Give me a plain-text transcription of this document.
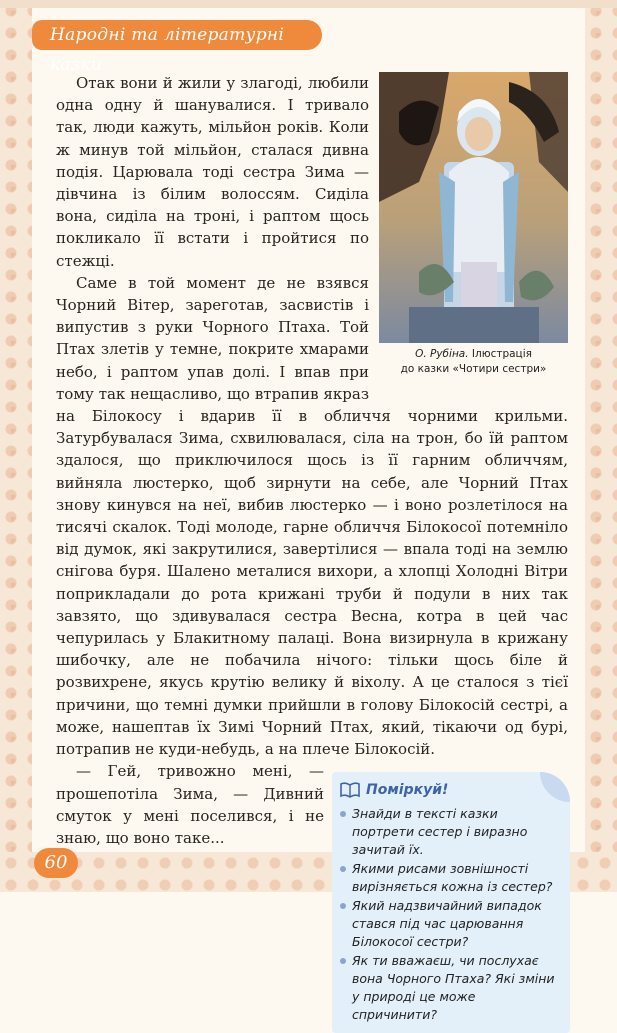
Народні та літературні казки
О. Рубіна. Ілюстрація
до казки «Чотири сестри»

Отак вони й жили у злагоді, любили одна одну й шанувалися. І тривало так, люди кажуть, мільйон років. Коли ж минув той мільйон, сталася дивна подія. Царювала тоді сестра Зима — дівчина із білим волоссям. Сиділа вона, сиділа на троні, і раптом щось покликало її встати і пройтися по стежці.

Саме в той момент де не взявся Чорний Вітер, зареготав, засвистів і випустив з руки Чорного Птаха. Той Птах злетів у темне, покрите хмарами небо, і раптом упав долі. І впав при тому так нещасливо, що втрапив якраз на Білокосу і вдарив її в обличчя чорними крильми. Затурбувалася Зима, схвилювалася, сіла на трон, бо їй раптом здалося, що приключилося щось із її гарним обличчям, вийняла люстерко, щоб зирнути на себе, але Чорний Птах знову кинувся на неї, вибив люстерко — і воно розлетілося на тисячі скалок. Тоді молоде, гарне обличчя Білокосої потемніло від думок, які закрутилися, завертілися — впала тоді на землю снігова буря. Шалено металися вихори, а хлопці Холодні Вітри поприкладали до рота крижані труби й подули в них так завзято, що здивувалася сестра Весна, котра в цей час чепурилась у Блакитному палаці. Вона визирнула в крижану шибочку, але не побачила нічого: тільки щось біле й розвихрене, якусь крутію велику й віхолу. А це сталося з тієї причини, що темні думки прийшли в голову Білокосій сестрі, а може, нашептав їх Зимі Чорний Птах, який, тікаючи од бурі, потрапив не куди-небудь, а на плече Білокосій.

Поміркуй!
Знайди в тексті казки портрети сестер і виразно зачитай їх.
Якими рисами зовнішності вирізняється кожна із сестер?
Який надзвичайний випадок стався під час царювання Білокосої сестри?
Як ти вважаєш, чи послухає вона Чорного Птаха? Які зміни у природі це може спричинити?

— Гей, тривожно мені, — прошепотіла Зима, — Дивний смуток у мені поселився, і не знаю, що воно таке...

60
